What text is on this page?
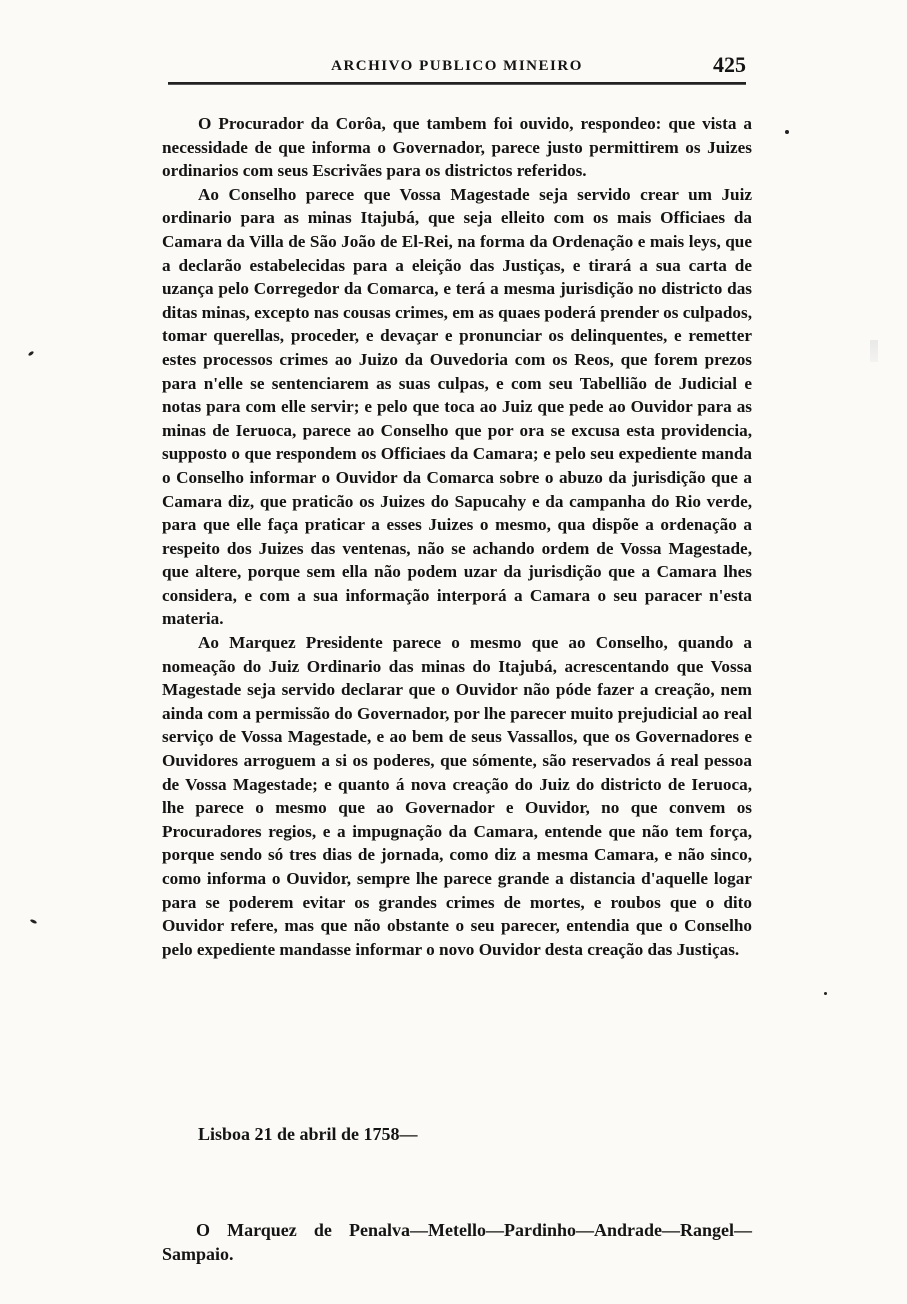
ARCHIVO PUBLICO MINEIRO	425

O Procurador da Corôa, que tambem foi ouvido, respondeo: que vista a necessidade de que informa o Governador, parece justo permittirem os Juizes ordinarios com seus Escrivães para os districtos referidos.

Ao Conselho parece que Vossa Magestade seja servido crear um Juiz ordinario para as minas Itajubá, que seja elleito com os mais Officiaes da Camara da Villa de São João de El-Rei, na forma da Ordenação e mais leys, que a declarão estabelecidas para a eleição das Justiças, e tirará a sua carta de uzança pelo Corregedor da Comarca, e terá a mesma jurisdição no districto das ditas minas, excepto nas cousas crimes, em as quaes poderá prender os culpados, tomar querellas, proceder, e devaçar e pronunciar os delinquentes, e remetter estes processos crimes ao Juizo da Ouvedoria com os Reos, que forem prezos para n'elle se sentenciarem as suas culpas, e com seu Tabellião de Judicial e notas para com elle servir; e pelo que toca ao Juiz que pede ao Ouvidor para as minas de Ieruoca, parece ao Conselho que por ora se excusa esta providencia, supposto o que respondem os Officiaes da Camara; e pelo seu expediente manda o Conselho informar o Ouvidor da Comarca sobre o abuzo da jurisdição que a Camara diz, que praticão os Juizes do Sapucahy e da campanha do Rio verde, para que elle faça praticar a esses Juizes o mesmo, qua dispõe a ordenação a respeito dos Juizes das ventenas, não se achando ordem de Vossa Magestade, que altere, porque sem ella não podem uzar da jurisdição que a Camara lhes considera, e com a sua informação interporá a Camara o seu paracer n'esta materia.

Ao Marquez Presidente parece o mesmo que ao Conselho, quando a nomeação do Juiz Ordinario das minas do Itajubá, acrescentando que Vossa Magestade seja servido declarar que o Ouvidor não póde fazer a creação, nem ainda com a permissão do Governador, por lhe parecer muito prejudicial ao real serviço de Vossa Magestade, e ao bem de seus Vassallos, que os Governadores e Ouvidores arroguem a si os poderes, que sómente, são reservados á real pessoa de Vossa Magestade; e quanto á nova creação do Juiz do districto de Ieruoca, lhe parece o mesmo que ao Governador e Ouvidor, no que convem os Procuradores regios, e a impugnação da Camara, entende que não tem força, porque sendo só tres dias de jornada, como diz a mesma Camara, e não sinco, como informa o Ouvidor, sempre lhe parece grande a distancia d'aquelle logar para se poderem evitar os grandes crimes de mortes, e roubos que o dito Ouvidor refere, mas que não obstante o seu parecer, entendia que o Conselho pelo expediente mandasse informar o novo Ouvidor desta creação das Justiças.

Lisboa 21 de abril de 1758—
O Marquez de Penalva—Metello—Pardinho—Andrade—Rangel—Sampaio.
